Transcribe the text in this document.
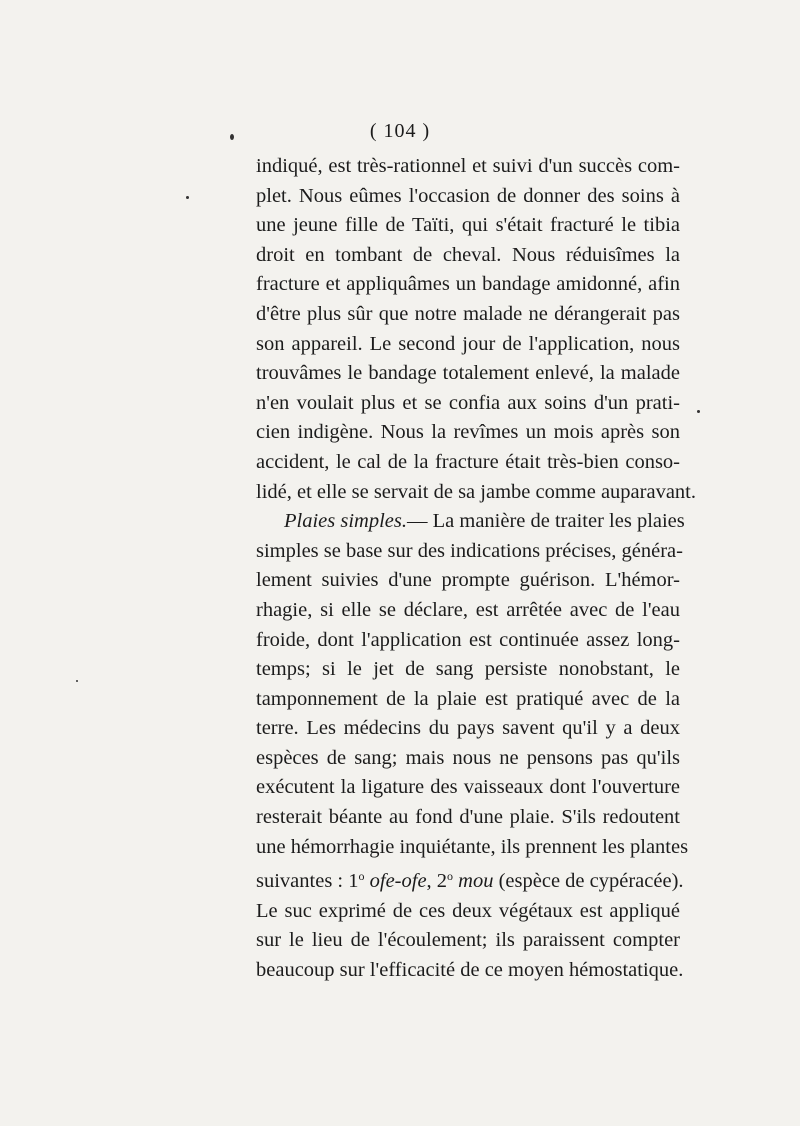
( 104 )
indiqué, est très-rationnel et suivi d'un succès com-
plet. Nous eûmes l'occasion de donner des soins à
une jeune fille de Taïti, qui s'était fracturé le tibia
droit en tombant de cheval. Nous réduisîmes la
fracture et appliquâmes un bandage amidonné, afin
d'être plus sûr que notre malade ne dérangerait pas
son appareil. Le second jour de l'application, nous
trouvâmes le bandage totalement enlevé, la malade
n'en voulait plus et se confia aux soins d'un prati-
cien indigène. Nous la revîmes un mois après son
accident, le cal de la fracture était très-bien conso-
lidé, et elle se servait de sa jambe comme auparavant.
Plaies simples.— La manière de traiter les plaies
simples se base sur des indications précises, généra-
lement suivies d'une prompte guérison. L'hémor-
rhagie, si elle se déclare, est arrêtée avec de l'eau
froide, dont l'application est continuée assez long-
temps; si le jet de sang persiste nonobstant, le
tamponnement de la plaie est pratiqué avec de la
terre. Les médecins du pays savent qu'il y a deux
espèces de sang; mais nous ne pensons pas qu'ils
exécutent la ligature des vaisseaux dont l'ouverture
resterait béante au fond d'une plaie. S'ils redoutent
une hémorrhagie inquiétante, ils prennent les plantes
suivantes : 1$^o$ ofe-ofe, 2$^o$ mou (espèce de cypéracée).
Le suc exprimé de ces deux végétaux est appliqué
sur le lieu de l'écoulement; ils paraissent compter
beaucoup sur l'efficacité de ce moyen hémostatique.
